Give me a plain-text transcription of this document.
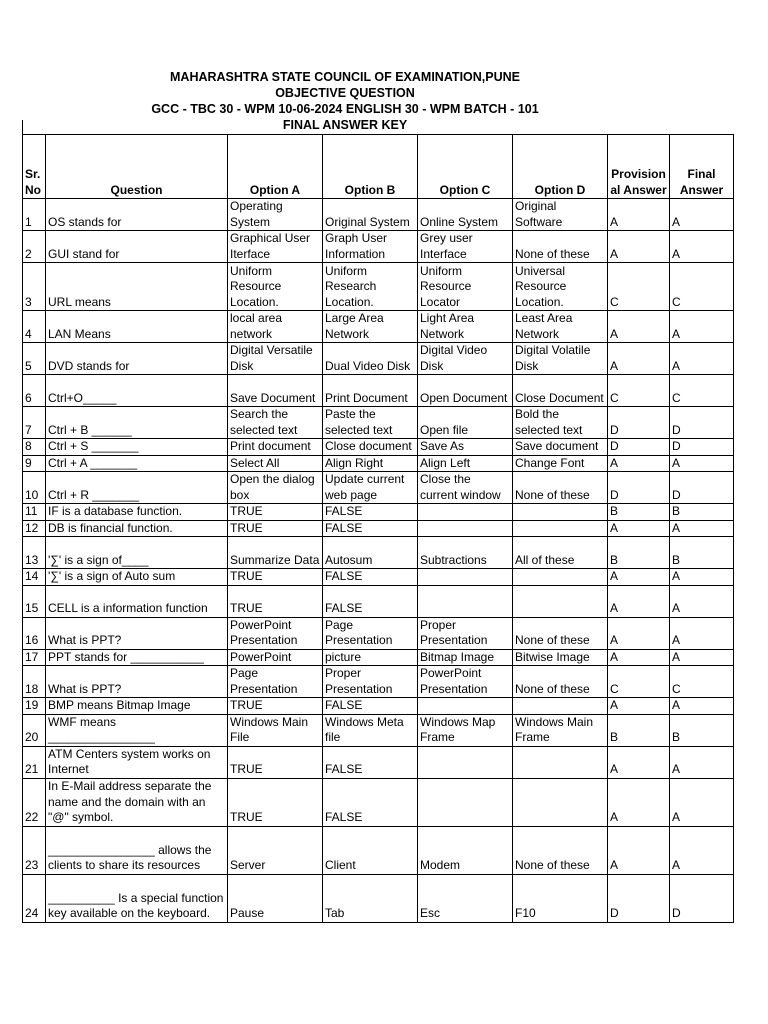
MAHARASHTRA STATE COUNCIL OF EXAMINATION,PUNE
OBJECTIVE QUESTION
GCC - TBC 30 - WPM 10-06-2024 ENGLISH 30 - WPM BATCH - 101
FINAL ANSWER KEY
Sr. No	Question	Option A	Option B	Option C	Option D	Provisional Answer	Final Answer
1	OS stands for	Operating System	Original System	Online System	Original Software	A	A
2	GUI stand for	Graphical User Iterface	Graph User Information	Grey user Interface	None of these	A	A
3	URL means	Uniform Resource Location.	Uniform Research Location.	Uniform Resource Locator	Universal Resource Location.	C	C
4	LAN Means	local area network	Large Area Network	Light Area Network	Least Area Network	A	A
5	DVD stands for	Digital Versatile Disk	Dual Video Disk	Digital Video Disk	Digital Volatile Disk	A	A
6	Ctrl+O_____	Save Document	Print Document	Open Document	Close Document	C	C
7	Ctrl + B ______	Search the selected text	Paste the selected text	Open file	Bold the selected text	D	D
8	Ctrl + S _______	Print document	Close document	Save As	Save document	D	D
9	Ctrl + A _______	Select All	Align Right	Align Left	Change Font	A	A
10	Ctrl + R _______	Open the dialog box	Update current web page	Close the current window	None of these	D	D
11	IF is a database function.	TRUE	FALSE			B	B
12	DB is financial function.	TRUE	FALSE			A	A
13	'∑' is a sign of____	Summarize Data	Autosum	Subtractions	All of these	B	B
14	'∑' is a sign of Auto sum	TRUE	FALSE			A	A
15	CELL is a information function	TRUE	FALSE			A	A
16	What is PPT?	PowerPoint Presentation	Page Presentation	Proper Presentation	None of these	A	A
17	PPT stands for ___________	PowerPoint	picture	Bitmap Image	Bitwise Image	A	A
18	What is PPT?	Page Presentation	Proper Presentation	PowerPoint Presentation	None of these	C	C
19	BMP means Bitmap Image	TRUE	FALSE			A	A
20	WMF means ________________	Windows Main File	Windows Meta file	Windows Map Frame	Windows Main Frame	B	B
21	ATM Centers system works on Internet	TRUE	FALSE			A	A
22	In E-Mail address separate the name and the domain with an "@" symbol.	TRUE	FALSE			A	A
23	________________ allows the clients to share its resources	Server	Client	Modem	None of these	A	A
24	__________ Is a special function key available on the keyboard.	Pause	Tab	Esc	F10	D	D
